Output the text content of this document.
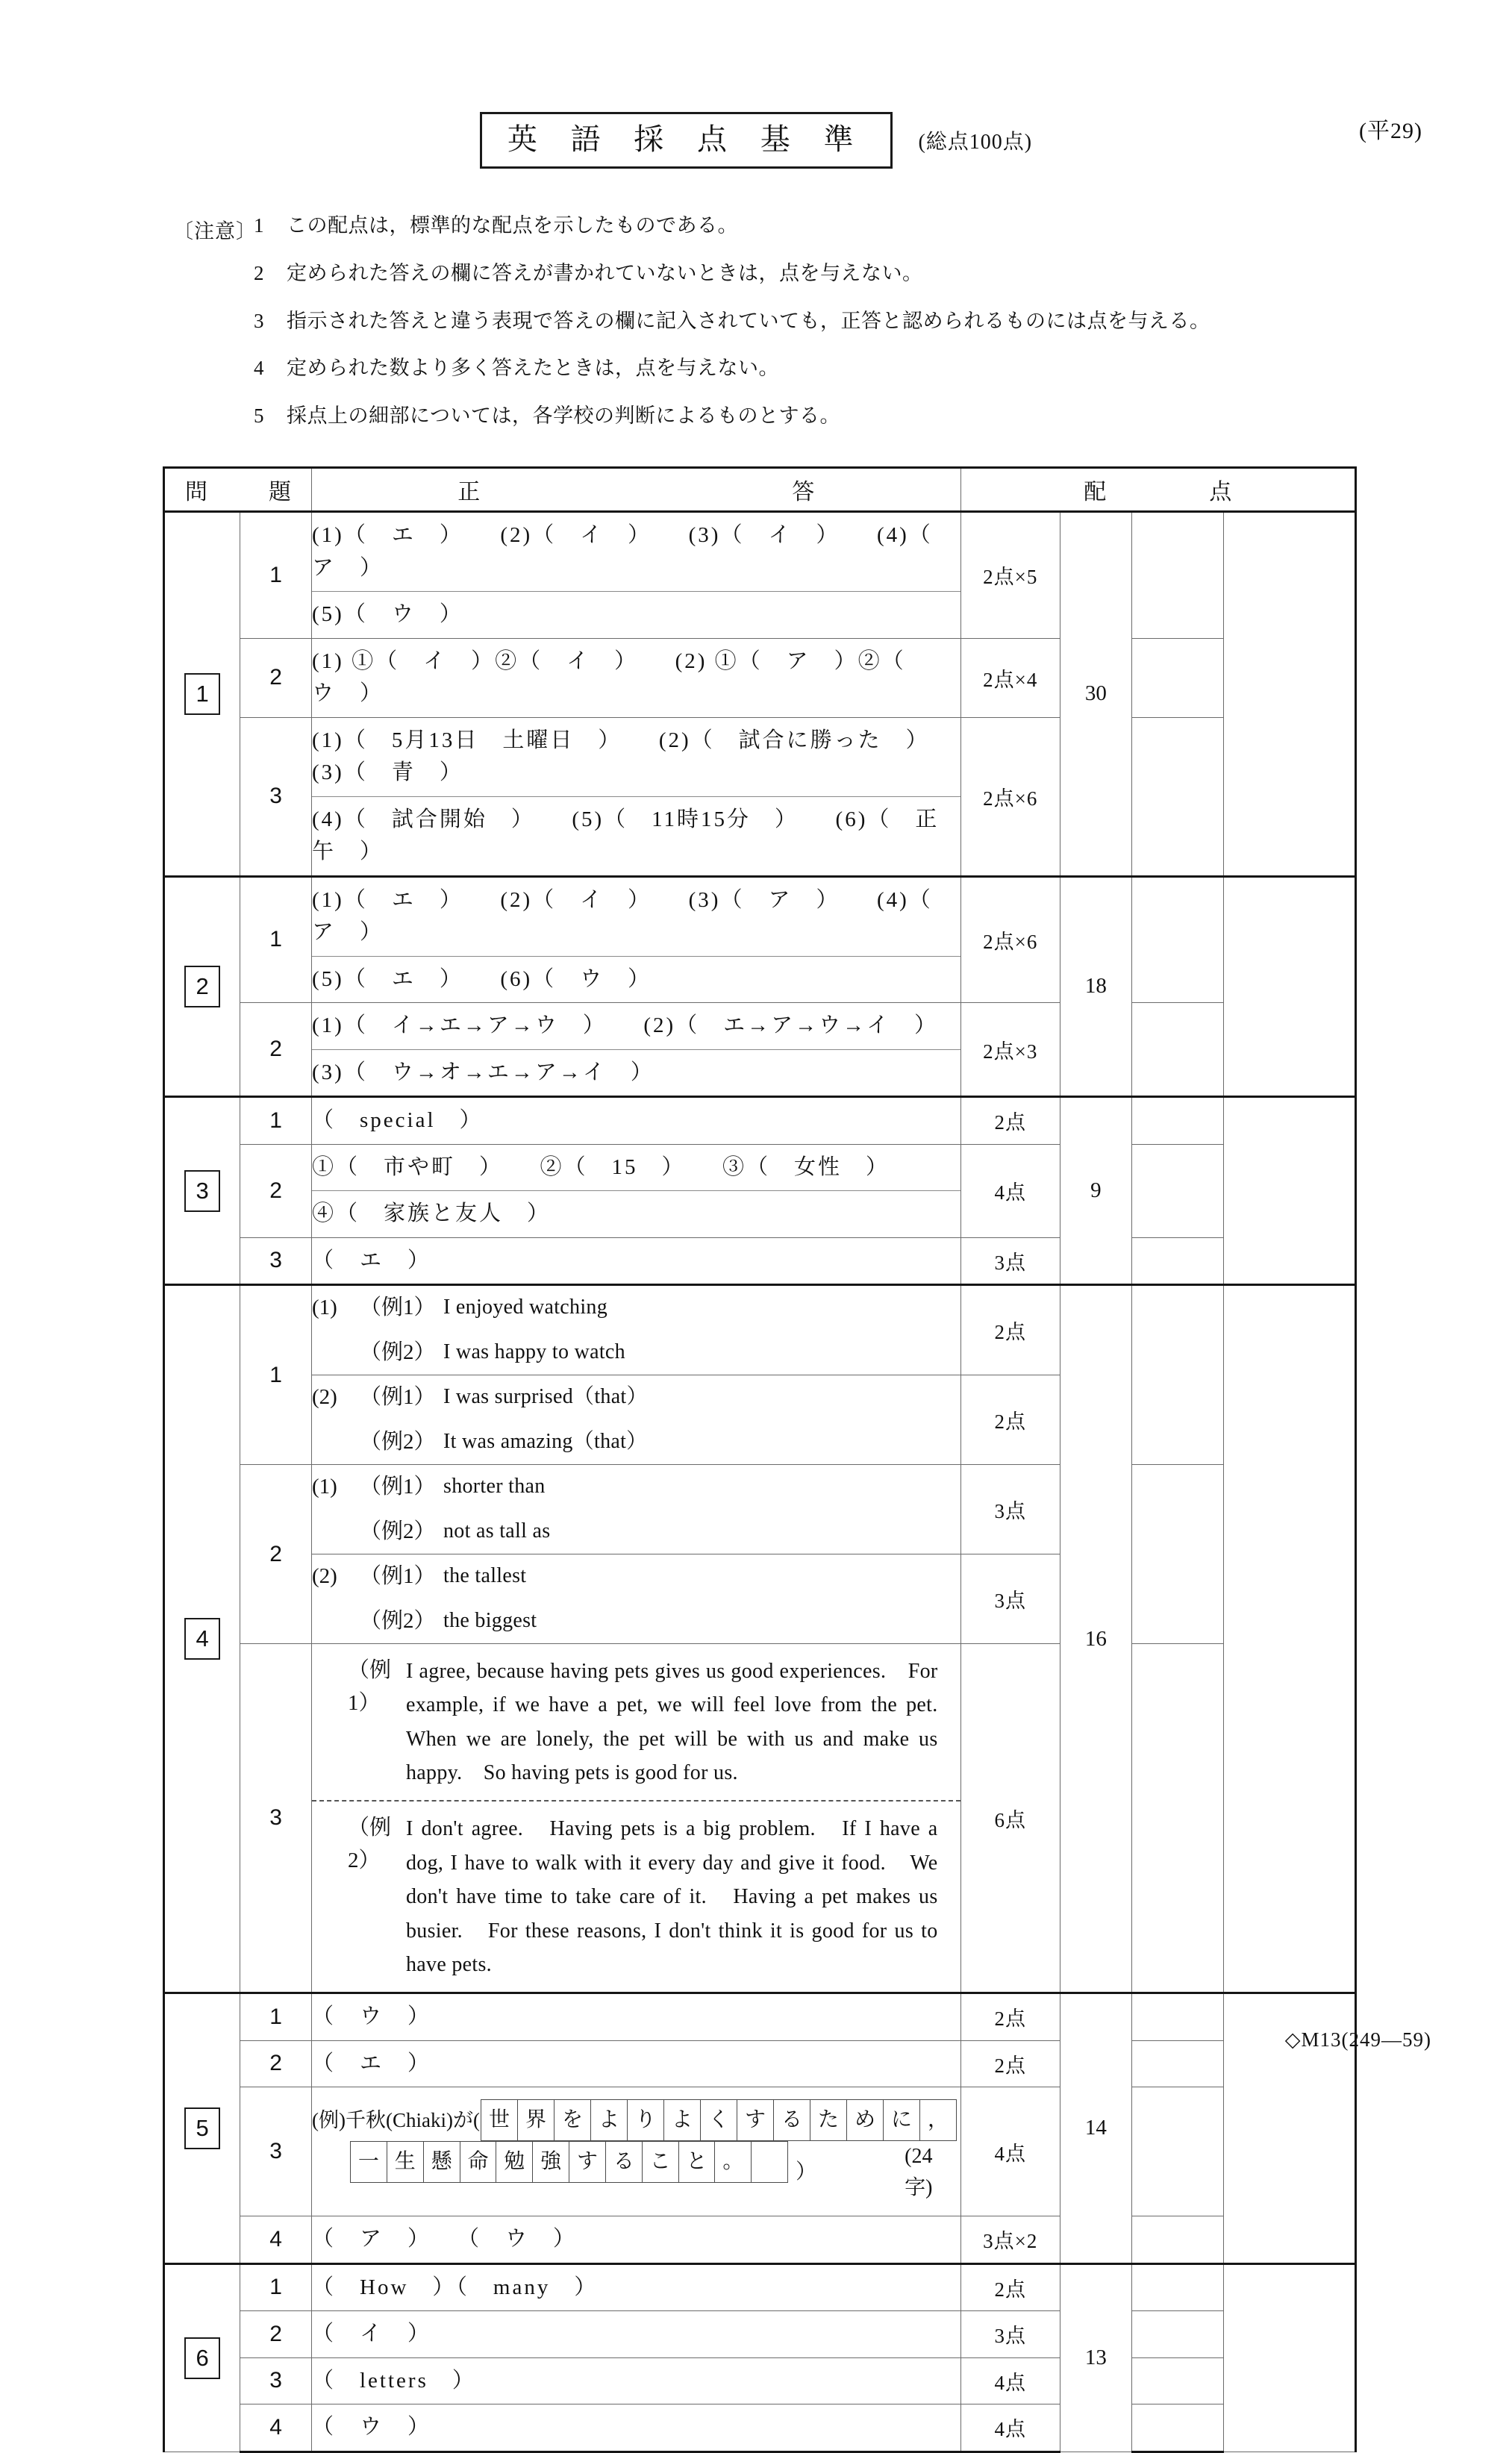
(平29)
英 語 採 点 基 準	(総点100点)
〔注意〕
1	この配点は，標準的な配点を示したものである。
2	定められた答えの欄に答えが書かれていないときは，点を与えない。
3	指示された答えと違う表現で答えの欄に記入されていても，正答と認められるものには点を与える。
4	定められた数より多く答えたときは，点を与えない。
5	採点上の細部については，各学校の判断によるものとする。
問　題		正　　　　　　　答	配　　点			
1	1	(1)（　エ　）　　(2)（　イ　）　　(3)（　イ　）　　(4)（　ア　）
(5)（　ウ　）	2点×5	30		
	2	(1) ①（　イ　）②（　イ　）　　(2) ①（　ア　）②（　ウ　）	2点×4			
	3	(1)（　5月13日　土曜日　）　　(2)（　試合に勝った　）　　(3)（　青　）
(4)（　試合開始　）　　(5)（　11時15分　）　　(6)（　正午　）	2点×6			
2	1	(1)（　エ　）　　(2)（　イ　）　　(3)（　ア　）　　(4)（　ア　）
(5)（　エ　）　　(6)（　ウ　）	2点×6	18		
	2	(1)（　イ→エ→ア→ウ　）　　(2)（　エ→ア→ウ→イ　）
(3)（　ウ→オ→エ→ア→イ　）	2点×3			
3	1	（　special　）	2点	9		
	2	①（　市や町　）　　②（　15　）　　③（　女性　）
④（　家族と友人　）	4点			
	3	（　エ　）	3点			
4	1	(1) （例1） I enjoyed watching
（例2） I was happy to watch	2点	16		

		(2) （例1） I was surprised（that）
（例2） It was amazing（that）	2点			
	2	(1) （例1） shorter than
（例2） not as tall as	3点			

		(2) （例1） the tallest
（例2） the biggest	3点			
	3	（例1）
I agree, because having pets gives us good experiences.　For example, if we have a pet, we will feel love from the pet.　When we are lonely, the pet will be with us and make us happy.　So having pets is good for us.
（例2）
I don't agree.　Having pets is a big problem.　If I have a dog, I have to walk with it every day and give it food.　We don't have time to take care of it.　Having a pet makes us busier.　For these reasons, I don't think it is good for us to have pets.	6点			
5	1	（　ウ　）	2点	14		
	2	（　エ　）	2点			
3	
(例)千秋(Chiaki)が( 世 界 を よ り よ く す る た め に ，
一 生 懸 命 勉 強 す る こ と 。	）
(24字)
	4点	
	4	（　ア　）　　（　ウ　）	3点×2			
6	1	（　How　）（　many　）	2点	13		
	2	（　イ　）	3点			
	3	（　letters　）	4点			
	4	（　ウ　）	4点			
◇M13(249—59)
